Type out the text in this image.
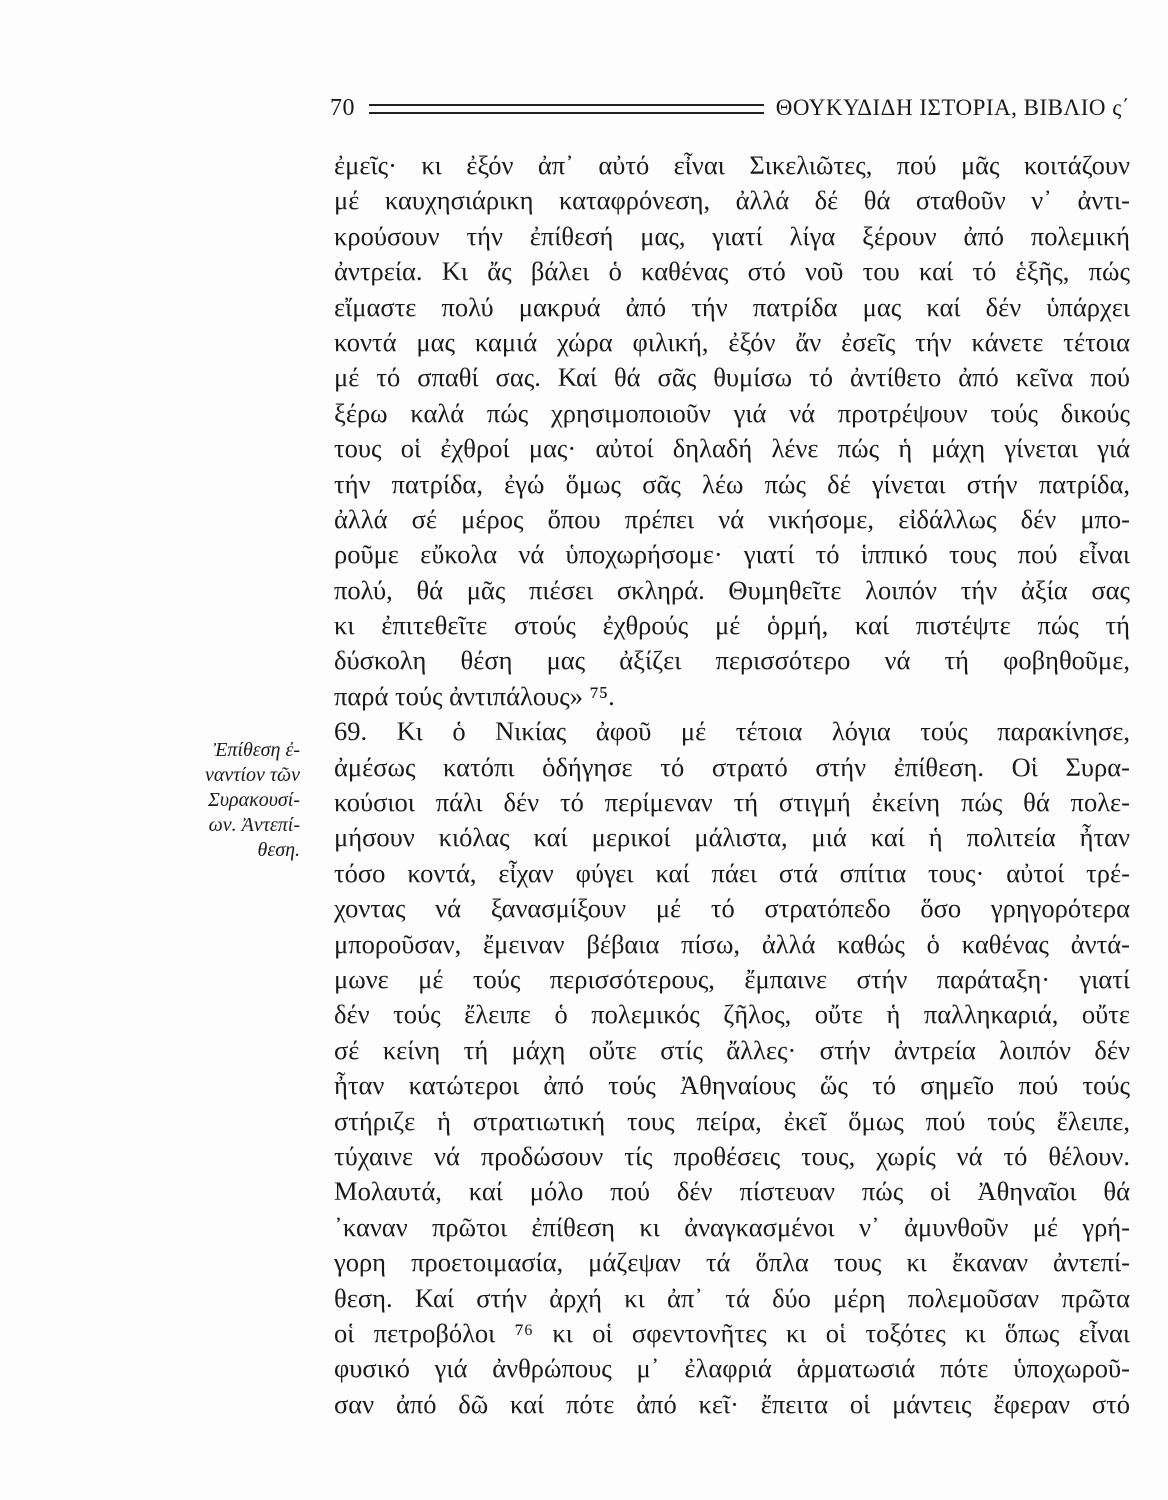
70	ΘΟΥΚΥΔΙΔΗ ΙΣΤΟΡΙΑ, ΒΙΒΛΙΟ ς΄
Ἐπίθεση ἐ-
ναντίον τῶν
Συρακουσί-
ων. Ἀντεπί-
θεση.
ἐμεῖς· κι ἐξόν ἀπ᾽ αὐτό εἶναι Σικελιῶτες, πού μᾶς κοιτάζουν
μέ καυχησιάρικη καταφρόνεση, ἀλλά δέ θά σταθοῦν ν᾽ ἀντι-
κρούσουν τήν ἐπίθεσή μας, γιατί λίγα ξέρουν ἀπό πολεμική
ἀντρεία. Κι ἄς βάλει ὁ καθένας στό νοῦ του καί τό ἑξῆς, πώς
εἴμαστε πολύ μακρυά ἀπό τήν πατρίδα μας καί δέν ὑπάρχει
κοντά μας καμιά χώρα φιλική, ἐξόν ἄν ἐσεῖς τήν κάνετε τέτοια
μέ τό σπαθί σας. Καί θά σᾶς θυμίσω τό ἀντίθετο ἀπό κεῖνα πού
ξέρω καλά πώς χρησιμοποιοῦν γιά νά προτρέψουν τούς δικούς
τους οἱ ἐχθροί μας· αὐτοί δηλαδή λένε πώς ἡ μάχη γίνεται γιά
τήν πατρίδα, ἐγώ ὅμως σᾶς λέω πώς δέ γίνεται στήν πατρίδα,
ἀλλά σέ μέρος ὅπου πρέπει νά νικήσομε, εἰδάλλως δέν μπο-
ροῦμε εὔκολα νά ὑποχωρήσομε· γιατί τό ἱππικό τους πού εἶναι
πολύ, θά μᾶς πιέσει σκληρά. Θυμηθεῖτε λοιπόν τήν ἀξία σας
κι ἐπιτεθεῖτε στούς ἐχθρούς μέ ὁρμή, καί πιστέψτε πώς τή
δύσκολη θέση μας ἀξίζει περισσότερο νά τή φοβηθοῦμε,
παρά τούς ἀντιπάλους» ⁷⁵.
69. Κι ὁ Νικίας ἀφοῦ μέ τέτοια λόγια τούς παρακίνησε,
ἀμέσως κατόπι ὁδήγησε τό στρατό στήν ἐπίθεση. Οἱ Συρα-
κούσιοι πάλι δέν τό περίμεναν τή στιγμή ἐκείνη πώς θά πολε-
μήσουν κιόλας καί μερικοί μάλιστα, μιά καί ἡ πολιτεία ἦταν
τόσο κοντά, εἶχαν φύγει καί πάει στά σπίτια τους· αὐτοί τρέ-
χοντας νά ξανασμίξουν μέ τό στρατόπεδο ὅσο γρηγορότερα
μποροῦσαν, ἔμειναν βέβαια πίσω, ἀλλά καθώς ὁ καθένας ἀντά-
μωνε μέ τούς περισσότερους, ἔμπαινε στήν παράταξη· γιατί
δέν τούς ἔλειπε ὁ πολεμικός ζῆλος, οὔτε ἡ παλληκαριά, οὔτε
σέ κείνη τή μάχη οὔτε στίς ἄλλες· στήν ἀντρεία λοιπόν δέν
ἦταν κατώτεροι ἀπό τούς Ἀθηναίους ὥς τό σημεῖο πού τούς
στήριζε ἡ στρατιωτική τους πείρα, ἐκεῖ ὅμως πού τούς ἔλειπε,
τύχαινε νά προδώσουν τίς προθέσεις τους, χωρίς νά τό θέλουν.
Μολαυτά, καί μόλο πού δέν πίστευαν πώς οἱ Ἀθηναῖοι θά
᾽καναν πρῶτοι ἐπίθεση κι ἀναγκασμένοι ν᾽ ἀμυνθοῦν μέ γρή-
γορη προετοιμασία, μάζεψαν τά ὅπλα τους κι ἔκαναν ἀντεπί-
θεση. Καί στήν ἀρχή κι ἀπ᾽ τά δύο μέρη πολεμοῦσαν πρῶτα
οἱ πετροβόλοι ⁷⁶ κι οἱ σφεντονῆτες κι οἱ τοξότες κι ὅπως εἶναι
φυσικό γιά ἀνθρώπους μ᾽ ἐλαφριά ἁρματωσιά πότε ὑποχωροῦ-
σαν ἀπό δῶ καί πότε ἀπό κεῖ· ἔπειτα οἱ μάντεις ἔφεραν στό
